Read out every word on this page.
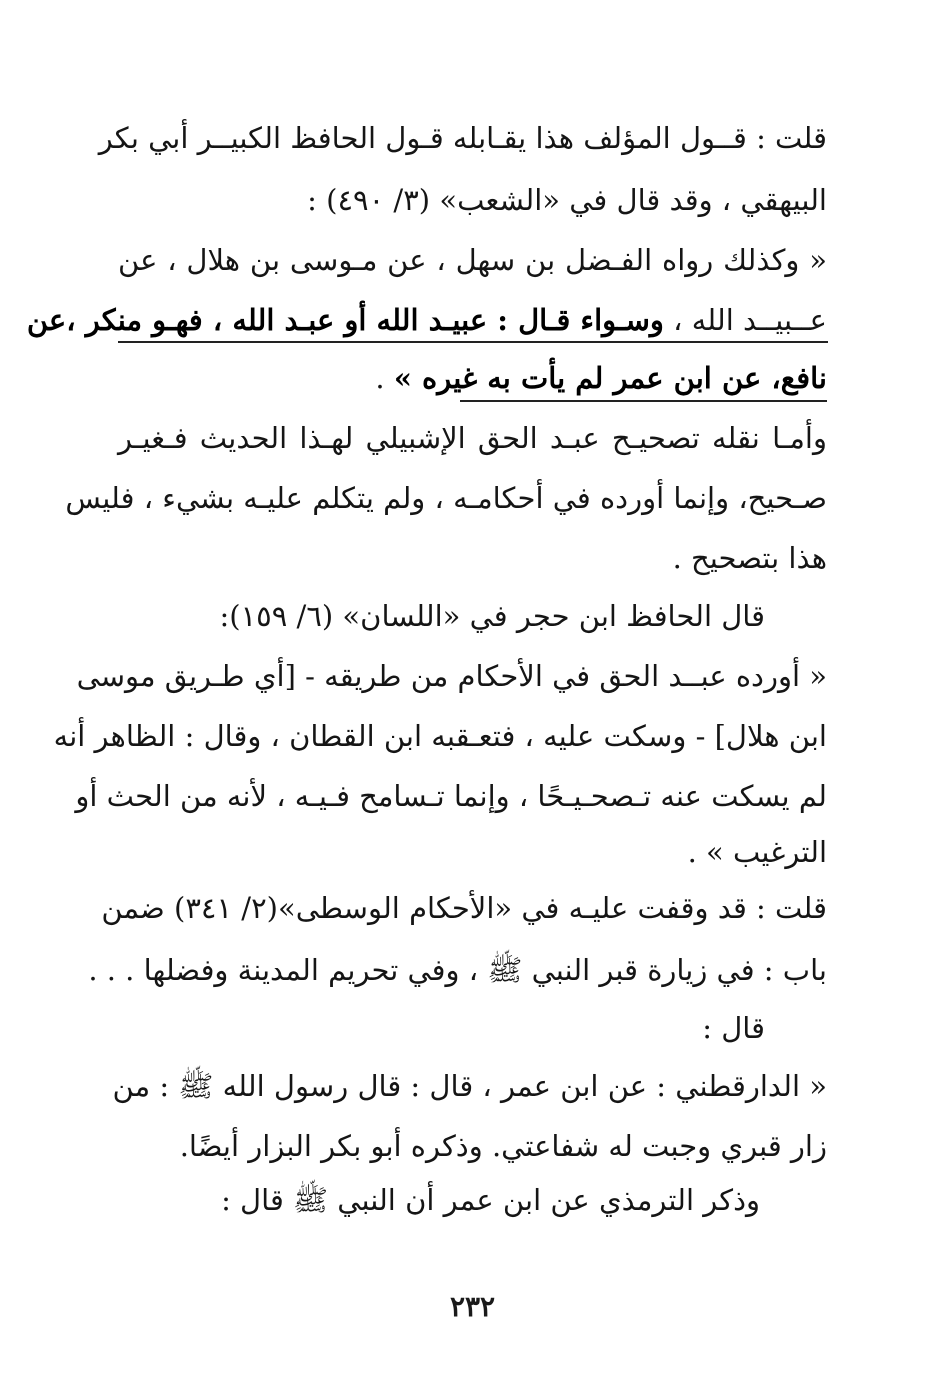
قلت : قــول المؤلف هذا يقـابله قـول الحافظ الكبيــر أبي بكر
البيهقي ، وقد قال في «الشعب» (٣/ ٤٩٠) :
« وكذلك رواه الفـضل بن سهل ، عن مـوسى بن هلال ، عن
عــبيــد الله ، وسـواء قـال : عبيـد الله أو عبـد الله ، فهـو منكر ،عن
نافع، عن ابن عمر لم يأت به غيره » .
وأمـا نقله تصحيـح عبـد الحق الإشبيلي لهـذا الحديث فـغيـر
صـحيح، وإنما أورده في أحكامـه ، ولم يتكلم عليـه بشيء ، فليس
هذا بتصحيح .
قال الحافظ ابن حجر في «اللسان» (٦/ ١٥٩):
« أورده عبــد الحق في الأحكام من طريقه - [أي طـريق موسى
ابن هلال] - وسكت عليه ، فتعـقبه ابن القطان ، وقال : الظاهر أنه
لم يسكت عنه تـصحـيـحًا ، وإنما تـسامح فـيـه ، لأنه من الحث أو
الترغيب » .
قلت : قد وقفت عليـه في «الأحكام الوسطى»(٢/ ٣٤١) ضمن
باب : في زيارة قبر النبي ﷺ ، وفي تحريم المدينة وفضلها . . .
قال :
« الدارقطني : عن ابن عمر ، قال : قال رسول الله ﷺ : من
زار قبري وجبت له شفاعتي. وذكره أبو بكر البزار أيضًا.
وذكر الترمذي عن ابن عمر أن النبي ﷺ قال :
٢٣٢
